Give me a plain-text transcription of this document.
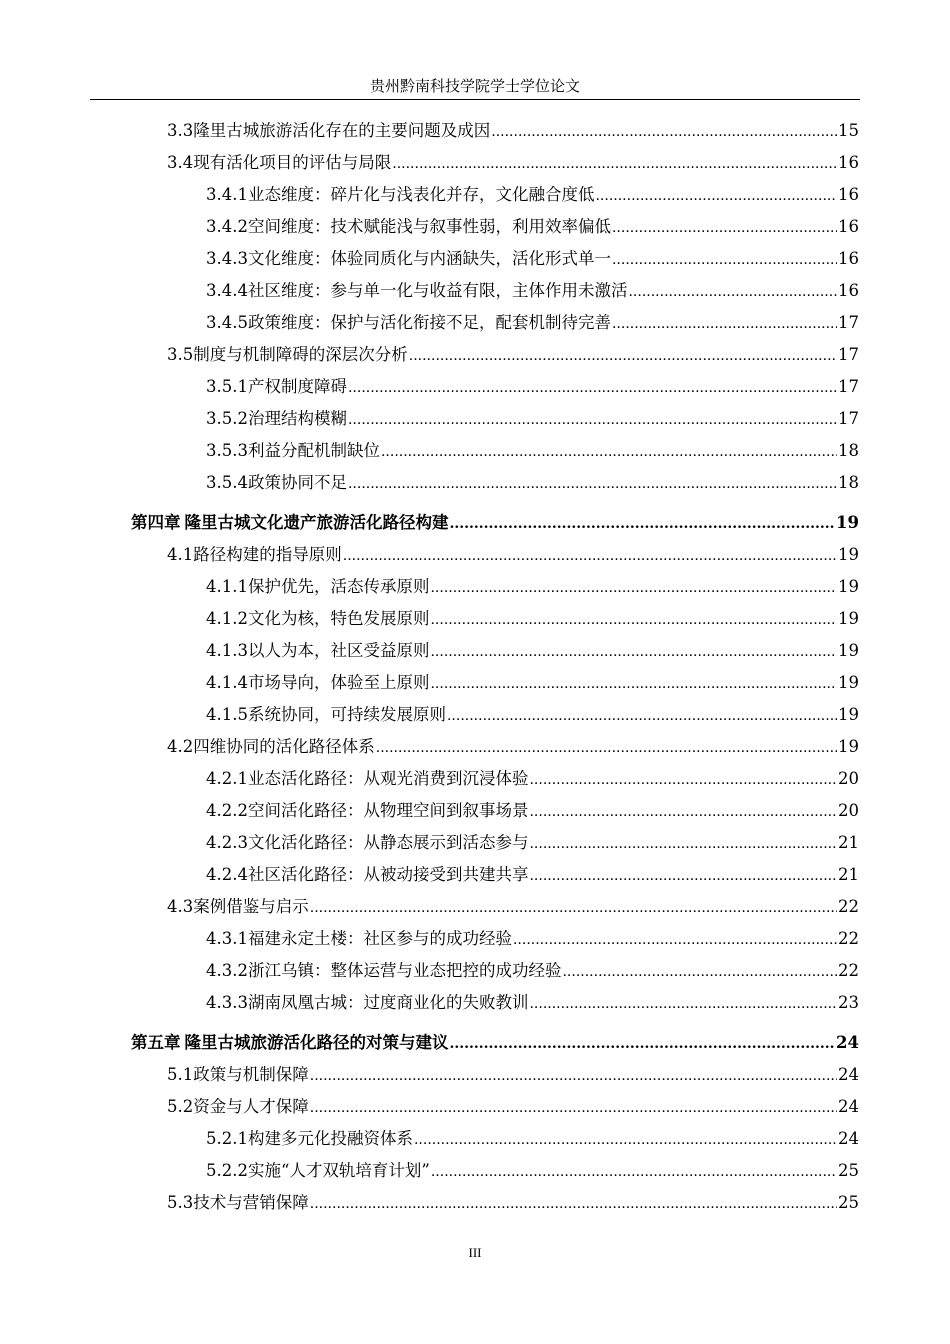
贵州黔南科技学院学士学位论文
3.3 隆里古城旅游活化存在的主要问题及成因 .....	15
3.4 现有活化项目的评估与局限 .....	16
3.4.1 业态维度：碎片化与浅表化并存，文化融合度低 .....	16
3.4.2 空间维度：技术赋能浅与叙事性弱，利用效率偏低 .....	16
3.4.3 文化维度：体验同质化与内涵缺失，活化形式单一 .....	16
3.4.4 社区维度：参与单一化与收益有限，主体作用未激活 .....	16
3.4.5 政策维度：保护与活化衔接不足，配套机制待完善 .....	17
3.5 制度与机制障碍的深层次分析 .....	17
3.5.1 产权制度障碍 .....	17
3.5.2 治理结构模糊 .....	17
3.5.3 利益分配机制缺位 .....	18
3.5.4 政策协同不足 .....	18
第四章 隆里古城文化遗产旅游活化路径构建 .....	19
4.1 路径构建的指导原则 .....	19
4.1.1 保护优先，活态传承原则 .....	19
4.1.2 文化为核，特色发展原则 .....	19
4.1.3 以人为本，社区受益原则 .....	19
4.1.4 市场导向，体验至上原则 .....	19
4.1.5 系统协同，可持续发展原则 .....	19
4.2 四维协同的活化路径体系 .....	19
4.2.1 业态活化路径：从观光消费到沉浸体验 .....	20
4.2.2 空间活化路径：从物理空间到叙事场景 .....	20
4.2.3 文化活化路径：从静态展示到活态参与 .....	21
4.2.4 社区活化路径：从被动接受到共建共享 .....	21
4.3 案例借鉴与启示 .....	22
4.3.1 福建永定土楼：社区参与的成功经验 .....	22
4.3.2 浙江乌镇：整体运营与业态把控的成功经验 .....	22
4.3.3 湖南凤凰古城：过度商业化的失败教训 .....	23
第五章 隆里古城旅游活化路径的对策与建议 .....	24
5.1 政策与机制保障 .....	24
5.2 资金与人才保障 .....	24
5.2.1 构建多元化投融资体系 .....	24
5.2.2 实施“人才双轨培育计划” .....	25
5.3 技术与营销保障 .....	25
III
